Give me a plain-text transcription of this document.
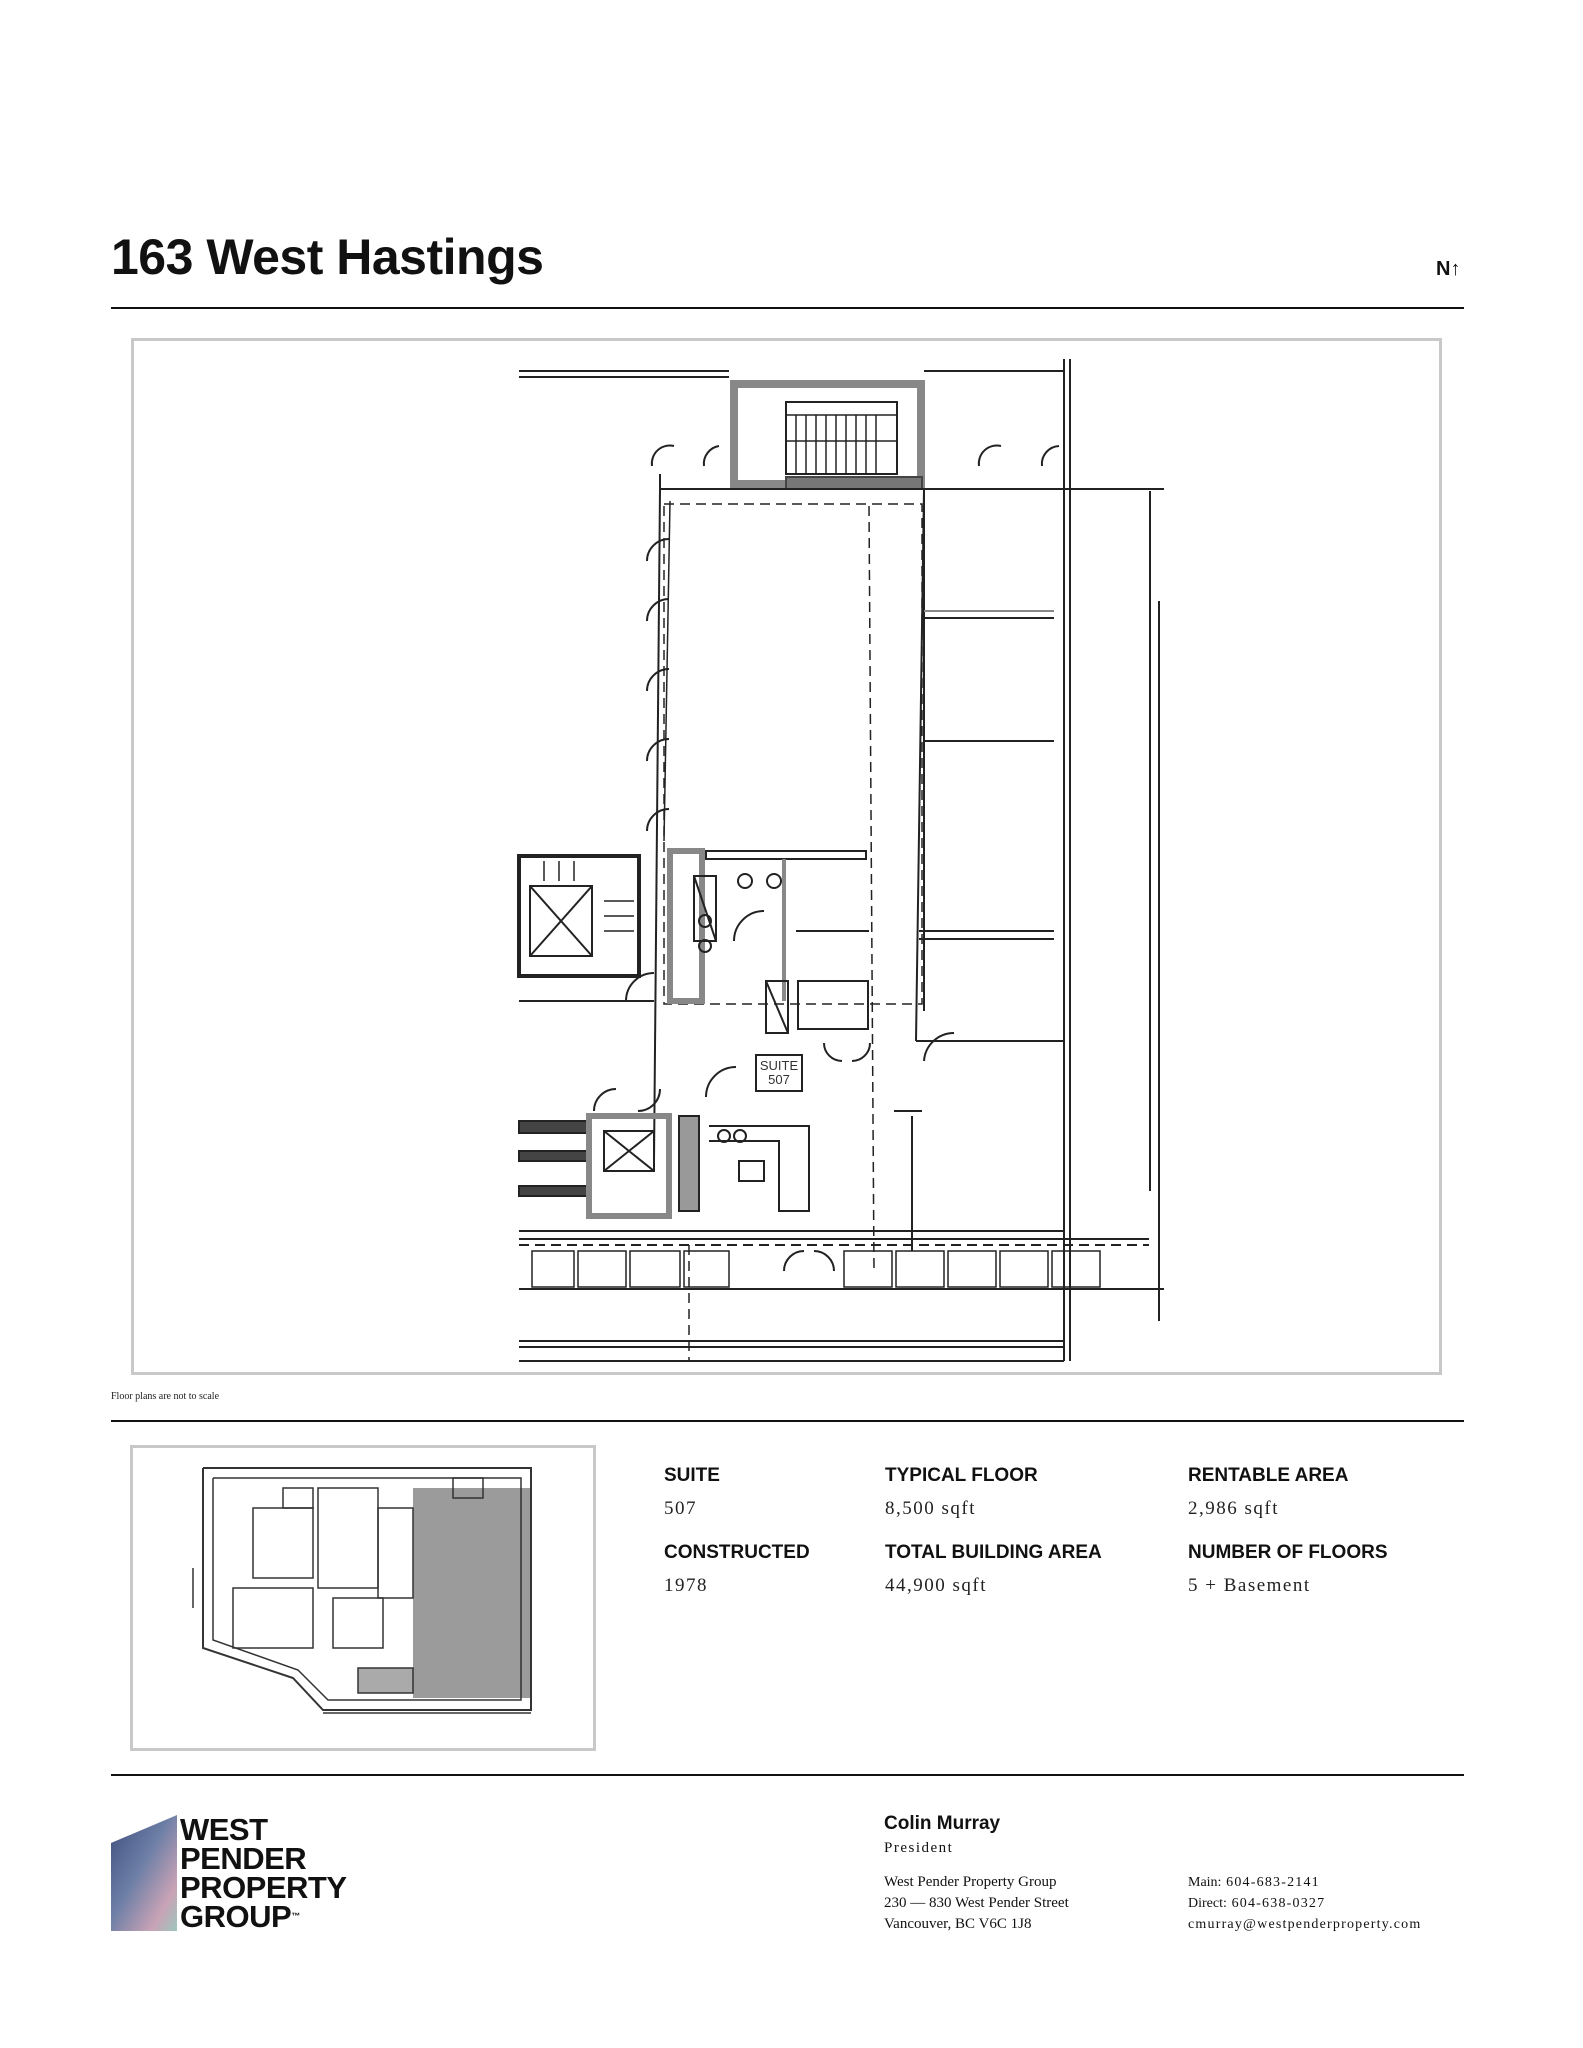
163 West Hastings	N↑
SUITE
507
Floor plans are not to scale
SUITE
507
TYPICAL FLOOR
8,500 sqft
RENTABLE AREA
2,986 sqft
CONSTRUCTED
1978
TOTAL BUILDING AREA
44,900 sqft
NUMBER OF FLOORS
5 + Basement
WEST
PENDER
PROPERTY
GROUP™
Colin Murray
President
West Pender Property Group
230 — 830 West Pender Street
Vancouver, BC V6C 1J8
Main: 604-683-2141
Direct: 604-638-0327
cmurray@westpenderproperty.com
